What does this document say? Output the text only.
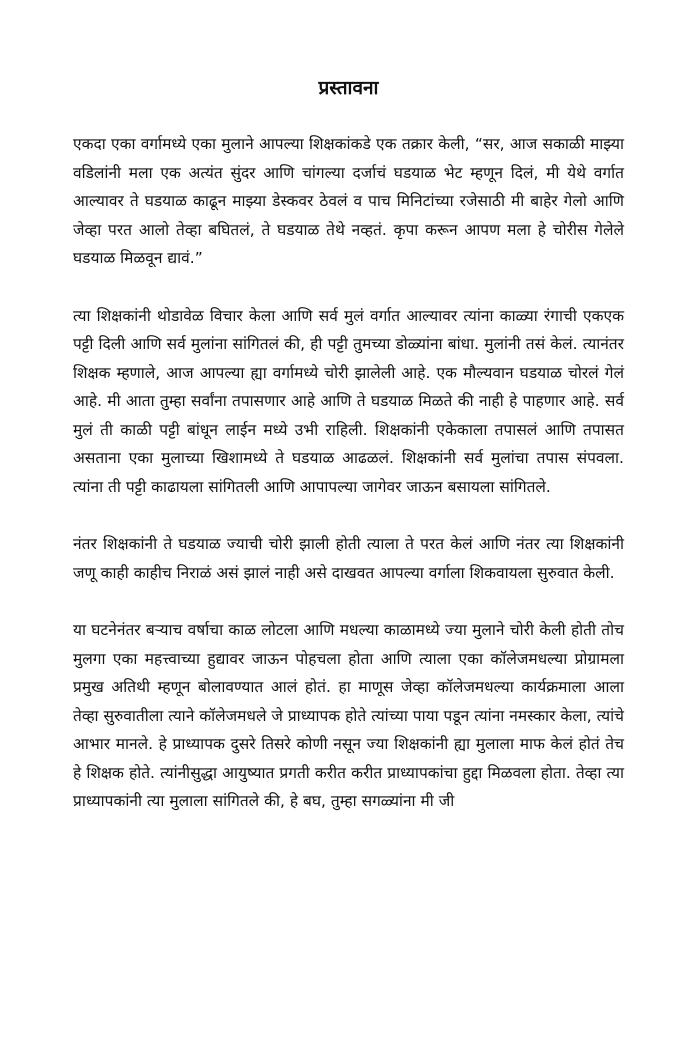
प्रस्तावना

एकदा एका वर्गामध्ये एका मुलाने आपल्या शिक्षकांकडे एक तक्रार केली, “सर, आज सकाळी माझ्या वडिलांनी मला एक अत्यंत सुंदर आणि चांगल्या दर्जाचं घडयाळ भेट म्हणून दिलं, मी येथे वर्गात आल्यावर ते घडयाळ काढून माझ्या डेस्कवर ठेवलं व पाच मिनिटांच्या रजेसाठी मी बाहेर गेलो आणि जेव्हा परत आलो तेव्हा बघितलं, ते घडयाळ तेथे नव्हतं. कृपा करून आपण मला हे चोरीस गेलेले घडयाळ मिळवून द्यावं.”

त्या शिक्षकांनी थोडावेळ विचार केला आणि सर्व मुलं वर्गात आल्यावर त्यांना काळ्या रंगाची एकएक पट्टी दिली आणि सर्व मुलांना सांगितलं की, ही पट्टी तुमच्या डोळ्यांना बांधा. मुलांनी तसं केलं. त्यानंतर शिक्षक म्हणाले, आज आपल्या ह्या वर्गामध्ये चोरी झालेली आहे. एक मौल्यवान घडयाळ चोरलं गेलं आहे. मी आता तुम्हा सर्वांना तपासणार आहे आणि ते घडयाळ मिळते की नाही हे पाहणार आहे. सर्व मुलं ती काळी पट्टी बांधून लाईन मध्ये उभी राहिली. शिक्षकांनी एकेकाला तपासलं आणि तपासत असताना एका मुलाच्या खिशामध्ये ते घडयाळ आढळलं. शिक्षकांनी सर्व मुलांचा तपास संपवला. त्यांना ती पट्टी काढायला सांगितली आणि आपापल्या जागेवर जाऊन बसायला सांगितले.

नंतर शिक्षकांनी ते घडयाळ ज्याची चोरी झाली होती त्याला ते परत केलं आणि नंतर त्या शिक्षकांनी जणू काही काहीच निराळं असं झालं नाही असे दाखवत आपल्या वर्गाला शिकवायला सुरुवात केली.

या घटनेनंतर बऱ्याच वर्षाचा काळ लोटला आणि मधल्या काळामध्ये ज्या मुलाने चोरी केली होती तोच मुलगा एका महत्त्वाच्या हुद्यावर जाऊन पोहचला होता आणि त्याला एका कॉलेजमधल्या प्रोग्रामला प्रमुख अतिथी म्हणून बोलावण्यात आलं होतं. हा माणूस जेव्हा कॉलेजमधल्या कार्यक्रमाला आला तेव्हा सुरुवातीला त्याने कॉलेजमधले जे प्राध्यापक होते त्यांच्या पाया पडून त्यांना नमस्कार केला, त्यांचे आभार मानले. हे प्राध्यापक दुसरे तिसरे कोणी नसून ज्या शिक्षकांनी ह्या मुलाला माफ केलं होतं तेच हे शिक्षक होते. त्यांनीसुद्धा आयुष्यात प्रगती करीत करीत प्राध्यापकांचा हुद्दा मिळवला होता. तेव्हा त्या प्राध्यापकांनी त्या मुलाला सांगितले की, हे बघ, तुम्हा सगळ्यांना मी जी
